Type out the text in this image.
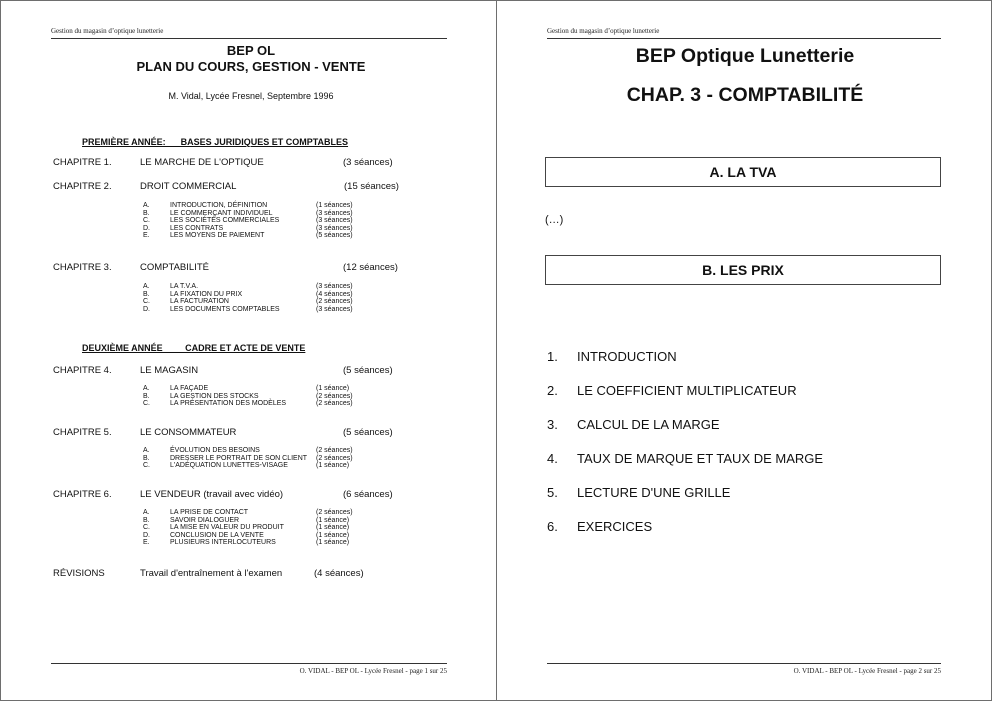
Gestion du magasin d’optique lunetterie
BEP OL
PLAN DU COURS, GESTION - VENTE
M. Vidal, Lycée Fresnel, Septembre 1996
PREMIÈRE ANNÉE:      BASES JURIDIQUES ET COMPTABLES
DEUXIÈME ANNÉE         CADRE ET ACTE DE VENTE
CHAPITRE 1.	LE MARCHE DE L'OPTIQUE	(3 séances)
CHAPITRE 2.	DROIT COMMERCIAL	(15 séances)
A.	INTRODUCTION, DÉFINITION	(1 séances)
B.	LE COMMERÇANT INDIVIDUEL	(3 séances)
C.	LES SOCIÉTÉS COMMERCIALES	(3 séances)
D.	LES CONTRATS	(3 séances)
E.	LES MOYENS DE PAIEMENT	(5 séances)
CHAPITRE 3.	COMPTABILITÉ	(12 séances)
A.	LA T.V.A.	(3 séances)
B.	LA FIXATION DU PRIX	(4 séances)
C.	LA FACTURATION	(2 séances)
D.	LES DOCUMENTS COMPTABLES	(3 séances)
CHAPITRE 4.	LE MAGASIN	(5 séances)
A.	LA FAÇADE	(1 séance)
B.	LA GESTION DES STOCKS	(2 séances)
C.	LA PRÉSENTATION DES MODÈLES	(2 séances)
CHAPITRE 5.	LE CONSOMMATEUR	(5 séances)
A.	ÉVOLUTION DES BESOINS	(2 séances)
B.	DRESSER LE PORTRAIT DE SON CLIENT (2 séances)
C.	L'ADÉQUATION LUNETTES-VISAGE	(1 séance)
CHAPITRE 6.	LE VENDEUR (travail avec vidéo)	(6 séances)
A.	LA PRISE DE CONTACT	(2 séances)
B.	SAVOIR DIALOGUER	(1 séance)
C.	LA MISE EN VALEUR DU PRODUIT	(1 séance)
D.	CONCLUSION DE LA VENTE	(1 séance)
E.	PLUSIEURS INTERLOCUTEURS	(1 séance)
RÉVISIONS	Travail d'entraînement à l'examen	(4 séances)
O. VIDAL - BEP OL - Lycée Fresnel - page 1 sur 25
Gestion du magasin d’optique lunetterie
BEP Optique Lunetterie
CHAP. 3 - COMPTABILITÉ
A. LA TVA
(…)
B. LES PRIX
1. INTRODUCTION
2. LE COEFFICIENT MULTIPLICATEUR
3. CALCUL DE LA MARGE
4. TAUX DE MARQUE ET TAUX DE MARGE
5. LECTURE D'UNE GRILLE
6. EXERCICES
O. VIDAL - BEP OL - Lycée Fresnel - page 2 sur 25
